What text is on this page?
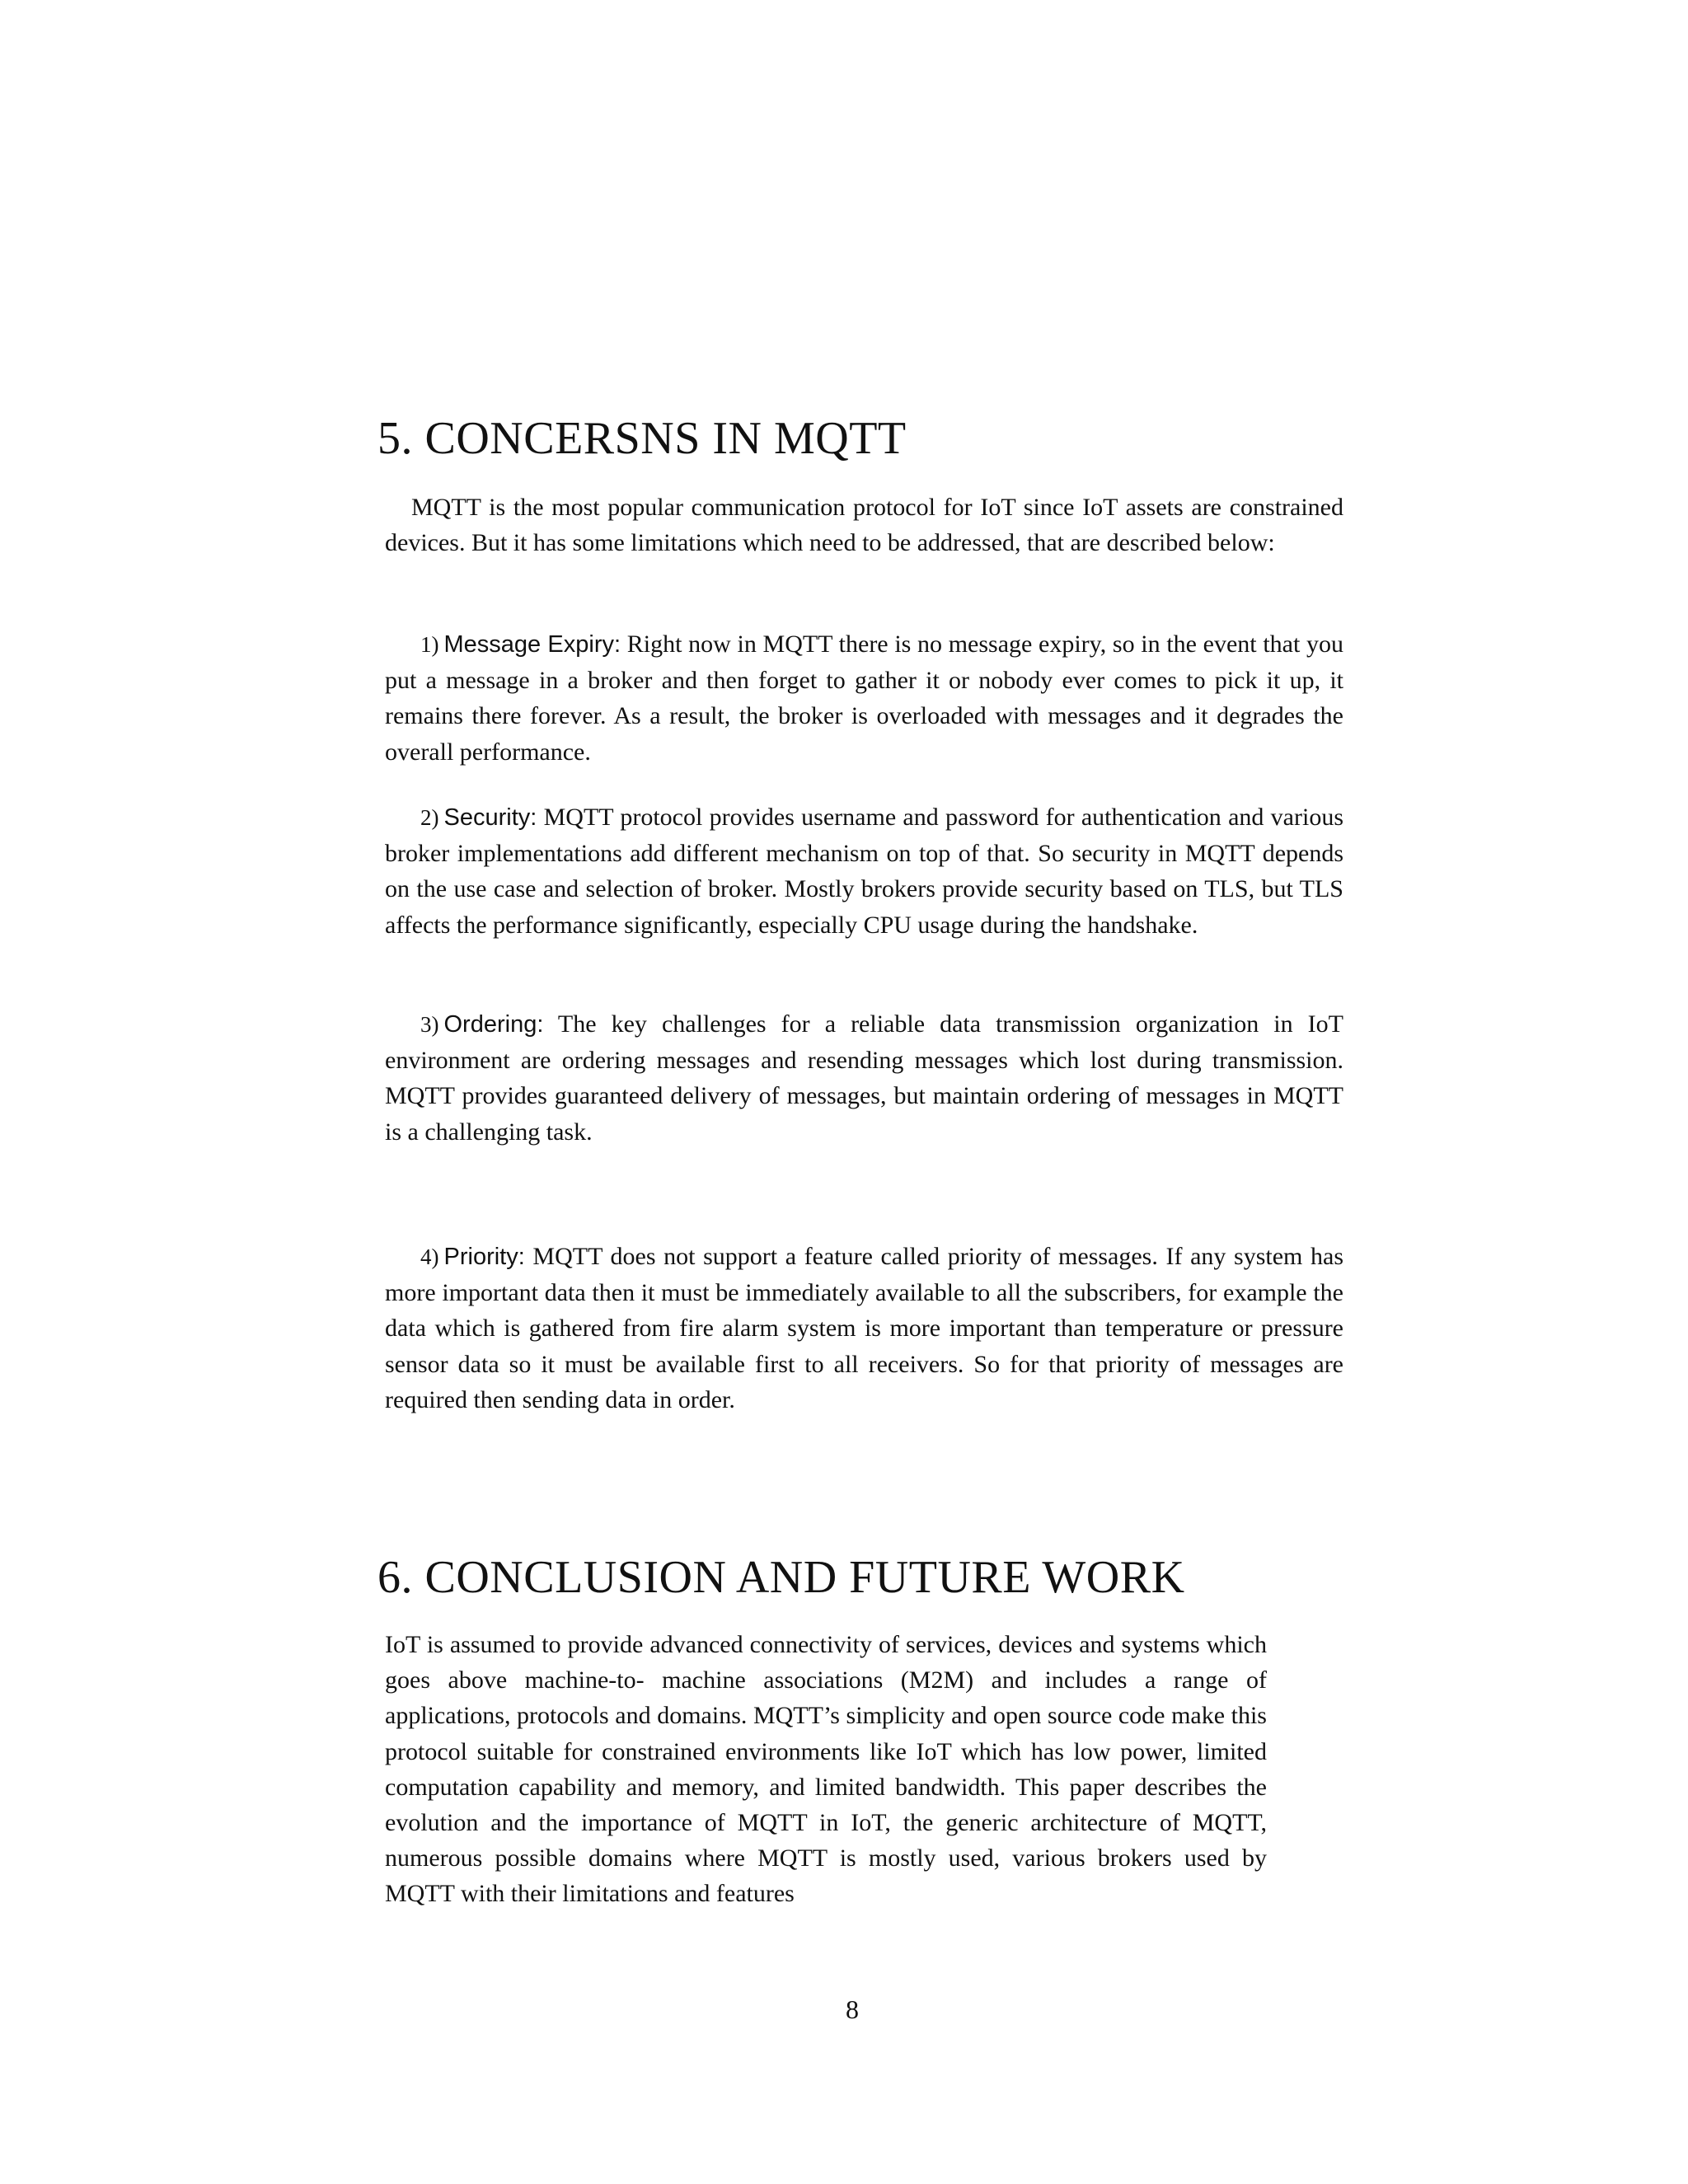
5. CONCERSNS IN MQTT

MQTT is the most popular communication protocol for IoT since IoT assets are constrained devices. But it has some limitations which need to be addressed, that are described below:

1) Message Expiry: Right now in MQTT there is no message expiry, so in the event that you put a message in a broker and then forget to gather it or nobody ever comes to pick it up, it remains there forever. As a result, the broker is overloaded with messages and it degrades the overall performance.

2) Security: MQTT protocol provides username and password for authentication and various broker implementations add different mechanism on top of that. So security in MQTT depends on the use case and selection of broker. Mostly brokers provide security based on TLS, but TLS affects the performance significantly, especially CPU usage during the handshake.

3) Ordering: The key challenges for a reliable data transmission organization in IoT environment are ordering messages and resending messages which lost during transmission. MQTT provides guaranteed delivery of messages, but maintain ordering of messages in MQTT is a challenging task.

4) Priority: MQTT does not support a feature called priority of messages. If any system has more important data then it must be immediately available to all the subscribers, for example the data which is gathered from fire alarm system is more important than temperature or pressure sensor data so it must be available first to all receivers. So for that priority of messages are required then sending data in order.

6. CONCLUSION AND FUTURE WORK

IoT is assumed to provide advanced connectivity of services, devices and systems which goes above machine-to- machine associations (M2M) and includes a range of applications, protocols and domains. MQTT’s simplicity and open source code make this protocol suitable for constrained environments like IoT which has low power, limited computation capability and memory, and limited bandwidth. This paper describes the evolution and the importance of MQTT in IoT, the generic architecture of MQTT, numerous possible domains where MQTT is mostly used, various brokers used by MQTT with their limitations and features

8
